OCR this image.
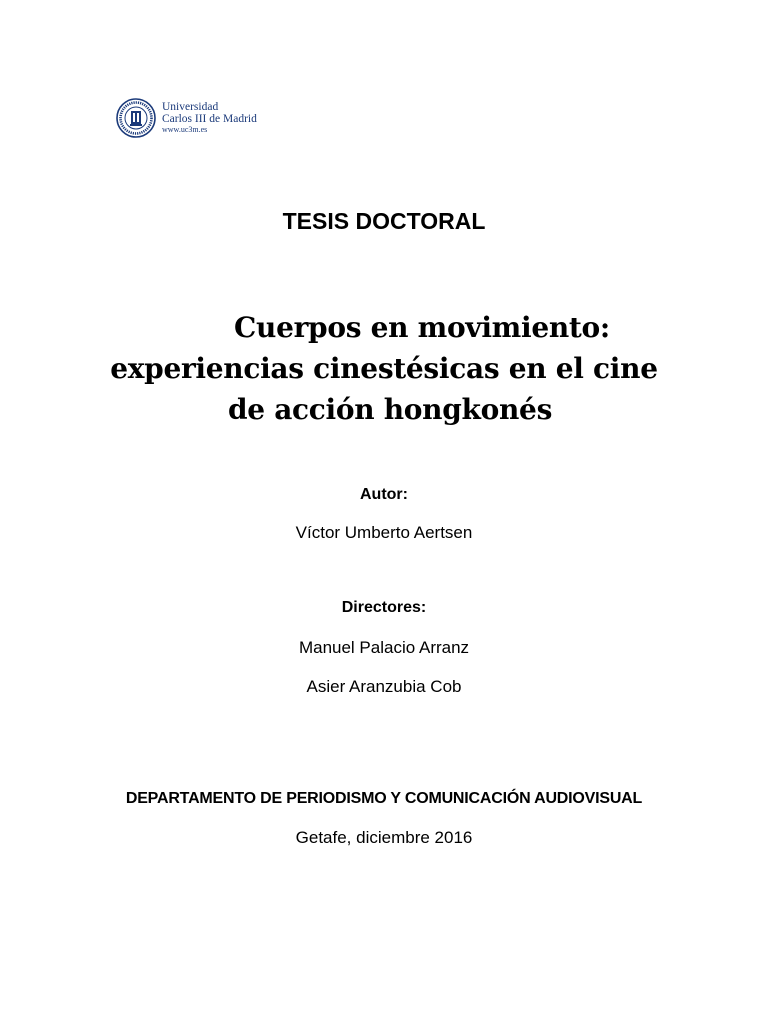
Universidad
Carlos III de Madrid
www.uc3m.es
TESIS DOCTORAL
Cuerpos en movimiento:
experiencias cinestésicas en el cine
de acción hongkonés
Autor:
Víctor Umberto Aertsen
Directores:
Manuel Palacio Arranz
Asier Aranzubia Cob
DEPARTAMENTO DE PERIODISMO Y COMUNICACIÓN AUDIOVISUAL
Getafe, diciembre 2016
